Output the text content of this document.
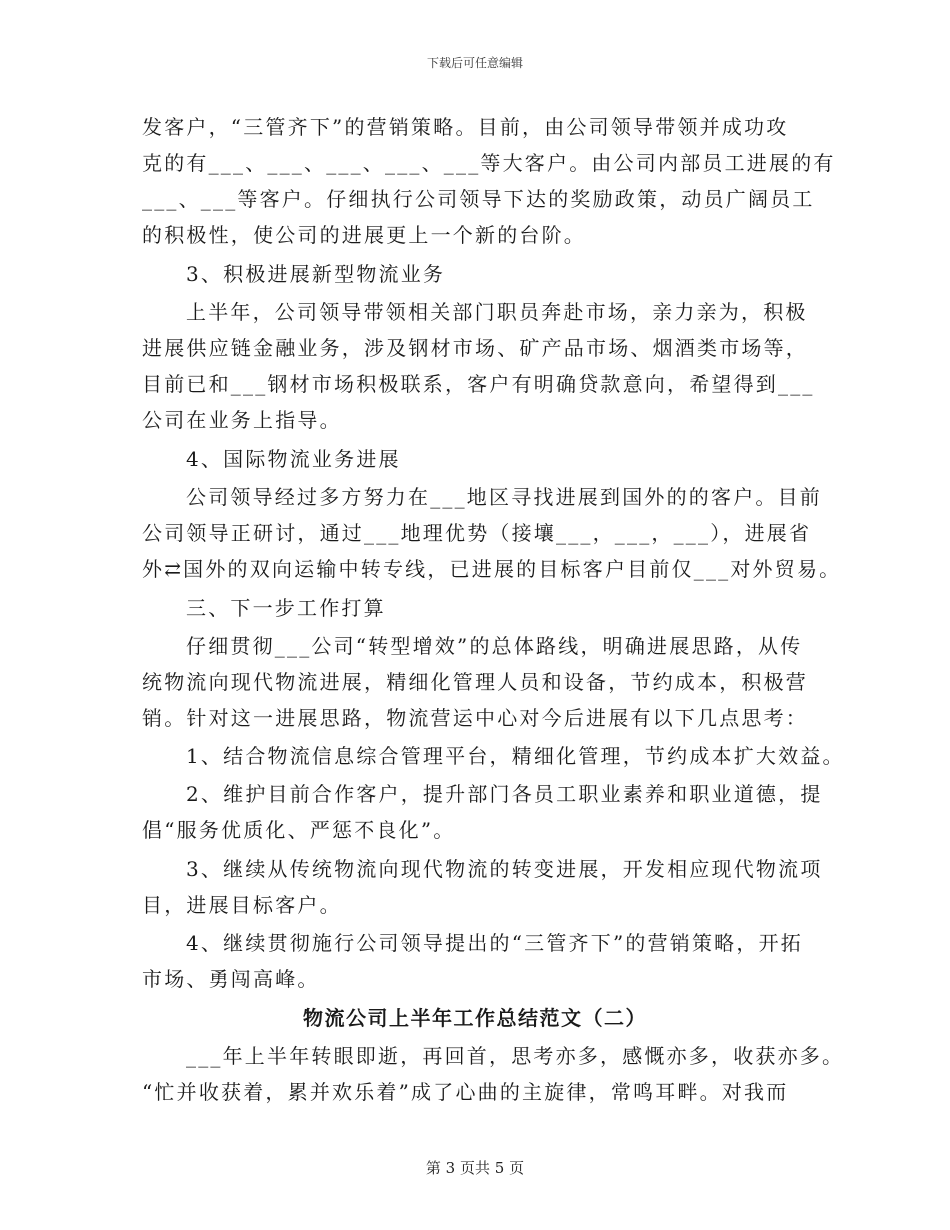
下载后可任意编辑
发客户，“三管齐下”的营销策略。目前，由公司领导带领并成功攻
克的有___、___、___、___、___等大客户。由公司内部员工进展的有
___、___等客户。仔细执行公司领导下达的奖励政策，动员广阔员工
的积极性，使公司的进展更上一个新的台阶。
3、积极进展新型物流业务
上半年，公司领导带领相关部门职员奔赴市场，亲力亲为，积极
进展供应链金融业务，涉及钢材市场、矿产品市场、烟酒类市场等，
目前已和___钢材市场积极联系，客户有明确贷款意向，希望得到___
公司在业务上指导。
4、国际物流业务进展
公司领导经过多方努力在___地区寻找进展到国外的的客户。目前
公司领导正研讨，通过___地理优势（接壤___，___，___），进展省
外⇄国外的双向运输中转专线，已进展的目标客户目前仅___对外贸易。
三、下一步工作打算
仔细贯彻___公司“转型增效”的总体路线，明确进展思路，从传
统物流向现代物流进展，精细化管理人员和设备，节约成本，积极营
销。针对这一进展思路，物流营运中心对今后进展有以下几点思考：
1、结合物流信息综合管理平台，精细化管理，节约成本扩大效益。
2、维护目前合作客户，提升部门各员工职业素养和职业道德，提
倡“服务优质化、严惩不良化”。
3、继续从传统物流向现代物流的转变进展，开发相应现代物流项
目，进展目标客户。
4、继续贯彻施行公司领导提出的“三管齐下”的营销策略，开拓
市场、勇闯高峰。
物流公司上半年工作总结范文（二）
___年上半年转眼即逝，再回首，思考亦多，感慨亦多，收获亦多。
“忙并收获着，累并欢乐着”成了心曲的主旋律，常鸣耳畔。对我而
第 3 页共 5 页
